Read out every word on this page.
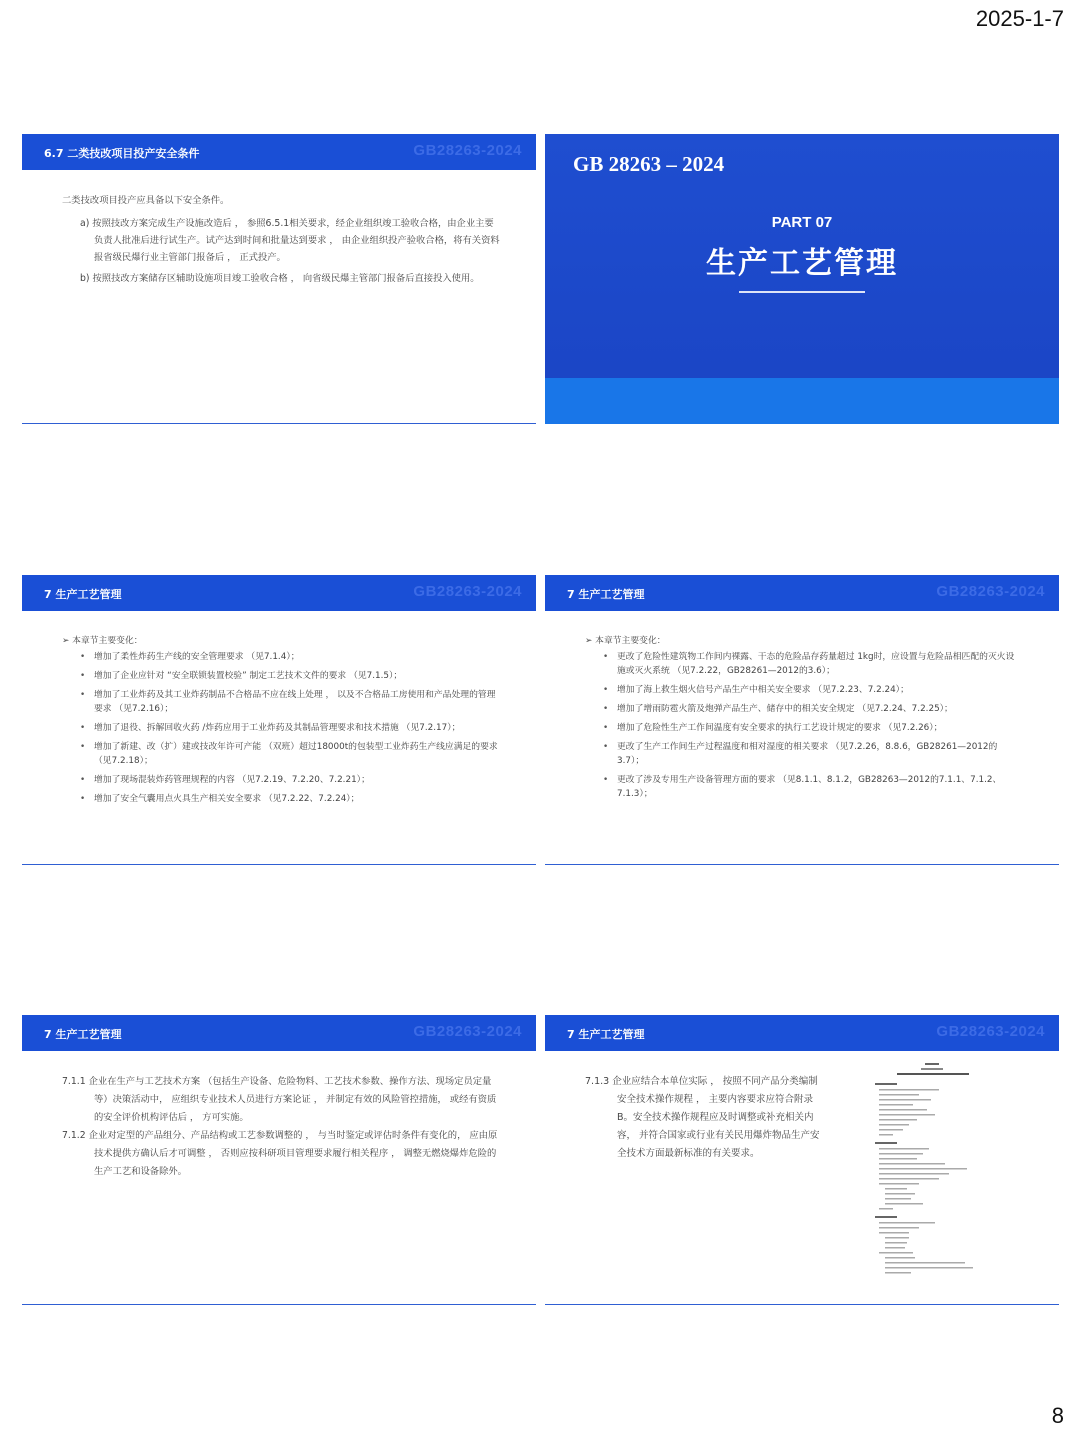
2025-1-7
6.7 二类技改项目投产安全条件	GB28263-2024

二类技改项目投产应具备以下安全条件。

a) 按照技改方案完成生产设施改造后 ， 参照6.5.1相关要求，经企业组织竣工验收合格，由企业主要负责人批准后进行试生产。试产达到时间和批量达到要求 ， 由企业组织投产验收合格，将有关资料报省级民爆行业主管部门报备后 ， 正式投产。

b) 按照技改方案储存区辅助设施项目竣工验收合格 ， 向省级民爆主管部门报备后直接投入使用。

GB 28263 – 2024
PART 07
生产工艺管理
7 生产工艺管理	GB28263-2024

➢ 本章节主要变化：

• 增加了柔性炸药生产线的安全管理要求 （见7.1.4）；
• 增加了企业应针对 “安全联锁装置校验” 制定工艺技术文件的要求 （见7.1.5）；
• 增加了工业炸药及其工业炸药制品不合格品不应在线上处理 ， 以及不合格品工房使用和产品处理的管理要求 （见7.2.16）；
• 增加了退役、拆解回收火药 /炸药应用于工业炸药及其制品管理要求和技术措施 （见7.2.17）；
• 增加了新建、改（扩）建或技改年许可产能 （双班）超过18000t的包装型工业炸药生产线应满足的要求 （见7.2.18）；
• 增加了现场混装炸药管理规程的内容 （见7.2.19、7.2.20、7.2.21）；
• 增加了安全气囊用点火具生产相关安全要求 （见7.2.22、7.2.24）；
7 生产工艺管理	GB28263-2024

➢ 本章节主要变化：

• 更改了危险性建筑物工作间内裸露、干态的危险品存药量超过 1kg时，应设置与危险品相匹配的灭火设施或灭火系统 （见7.2.22，GB28261—2012的3.6）；
• 增加了海上救生烟火信号产品生产中相关安全要求 （见7.2.23、7.2.24）；
• 增加了增雨防雹火箭及炮弹产品生产、储存中的相关安全规定 （见7.2.24、7.2.25）；
• 增加了危险性生产工作间温度有安全要求的执行工艺设计规定的要求 （见7.2.26）；
• 更改了生产工作间生产过程温度和相对湿度的相关要求 （见7.2.26，8.8.6，GB28261—2012的3.7）；
• 更改了涉及专用生产设备管理方面的要求 （见8.1.1、8.1.2，GB28263—2012的7.1.1、7.1.2、7.1.3）；
7 生产工艺管理	GB28263-2024

7.1.1 企业在生产与工艺技术方案 （包括生产设备、危险物料、工艺技术参数、操作方法、现场定员定量等）决策活动中， 应组织专业技术人员进行方案论证 ， 并制定有效的风险管控措施， 或经有资质的安全评价机构评估后 ， 方可实施。

7.1.2 企业对定型的产品组分、产品结构或工艺参数调整的 ， 与当时鉴定或评估时条件有变化的， 应由原技术提供方确认后才可调整 ， 否则应按科研项目管理要求履行相关程序 ， 调整无燃烧爆炸危险的生产工艺和设备除外。

7 生产工艺管理	GB28263-2024

7.1.3 企业应结合本单位实际 ， 按照不同产品分类编制安全技术操作规程 ， 主要内容要求应符合附录B。安全技术操作规程应及时调整或补充相关内容， 并符合国家或行业有关民用爆炸物品生产安全技术方面最新标准的有关要求。

8
